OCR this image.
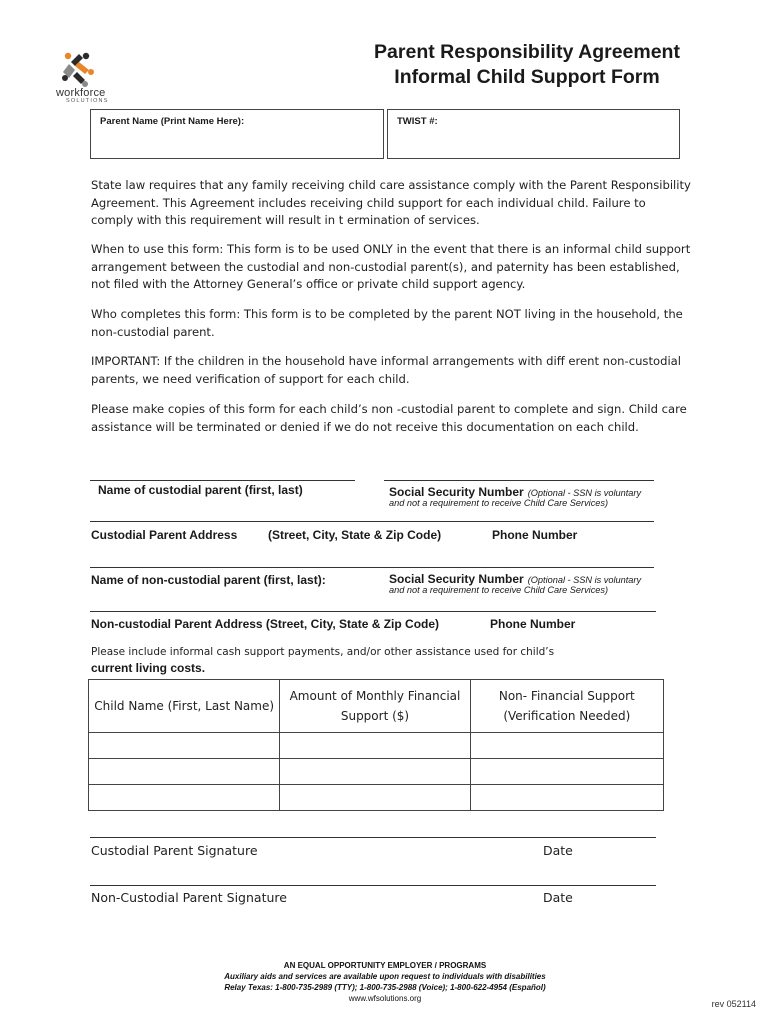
workforce
SOLUTIONS
Parent Responsibility Agreement
Informal Child Support Form
Parent Name (Print Name Here):	TWIST #:
State law requires that any family receiving child care assistance comply with the Parent Responsibility Agreement. This Agreement includes receiving child support for each individual child. Failure to comply with this requirement will result in t ermination of services.
When to use this form: This form is to be used ONLY in the event that there is an informal child support arrangement between the custodial and non-custodial parent(s), and paternity has been established, not filed with the Attorney General’s office or private child support agency.
Who completes this form: This form is to be completed by the parent NOT living in the household, the non-custodial parent.
IMPORTANT: If the children in the household have informal arrangements with diff erent non-custodial parents, we need verification of support for each child.
Please make copies of this form for each child’s non -custodial parent to complete and sign. Child care assistance will be terminated or denied if we do not receive this documentation on each child.
Name of custodial parent (first, last)	Social Security Number (Optional - SSN is voluntary
and not a requirement to receive Child Care Services)
Custodial Parent Address	(Street, City, State & Zip Code)	Phone Number
Name of non-custodial parent (first, last):	Social Security Number (Optional - SSN is voluntary
and not a requirement to receive Child Care Services)
Non-custodial Parent Address (Street, City, State & Zip Code)	Phone Number
Please include informal cash support payments, and/or other assistance used for child’s
current living costs.
Child Name (First, Last Name)	Amount of Monthly Financial Support ($)	Non- Financial Support (Verification Needed)

Custodial Parent Signature	Date
Non-Custodial Parent Signature	Date
AN EQUAL OPPORTUNITY EMPLOYER / PROGRAMS
Auxiliary aids and services are available upon request to individuals with disabilities
Relay Texas: 1-800-735-2989 (TTY); 1-800-735-2988 (Voice); 1-800-622-4954 (Español)
www.wfsolutions.org
rev 052114
